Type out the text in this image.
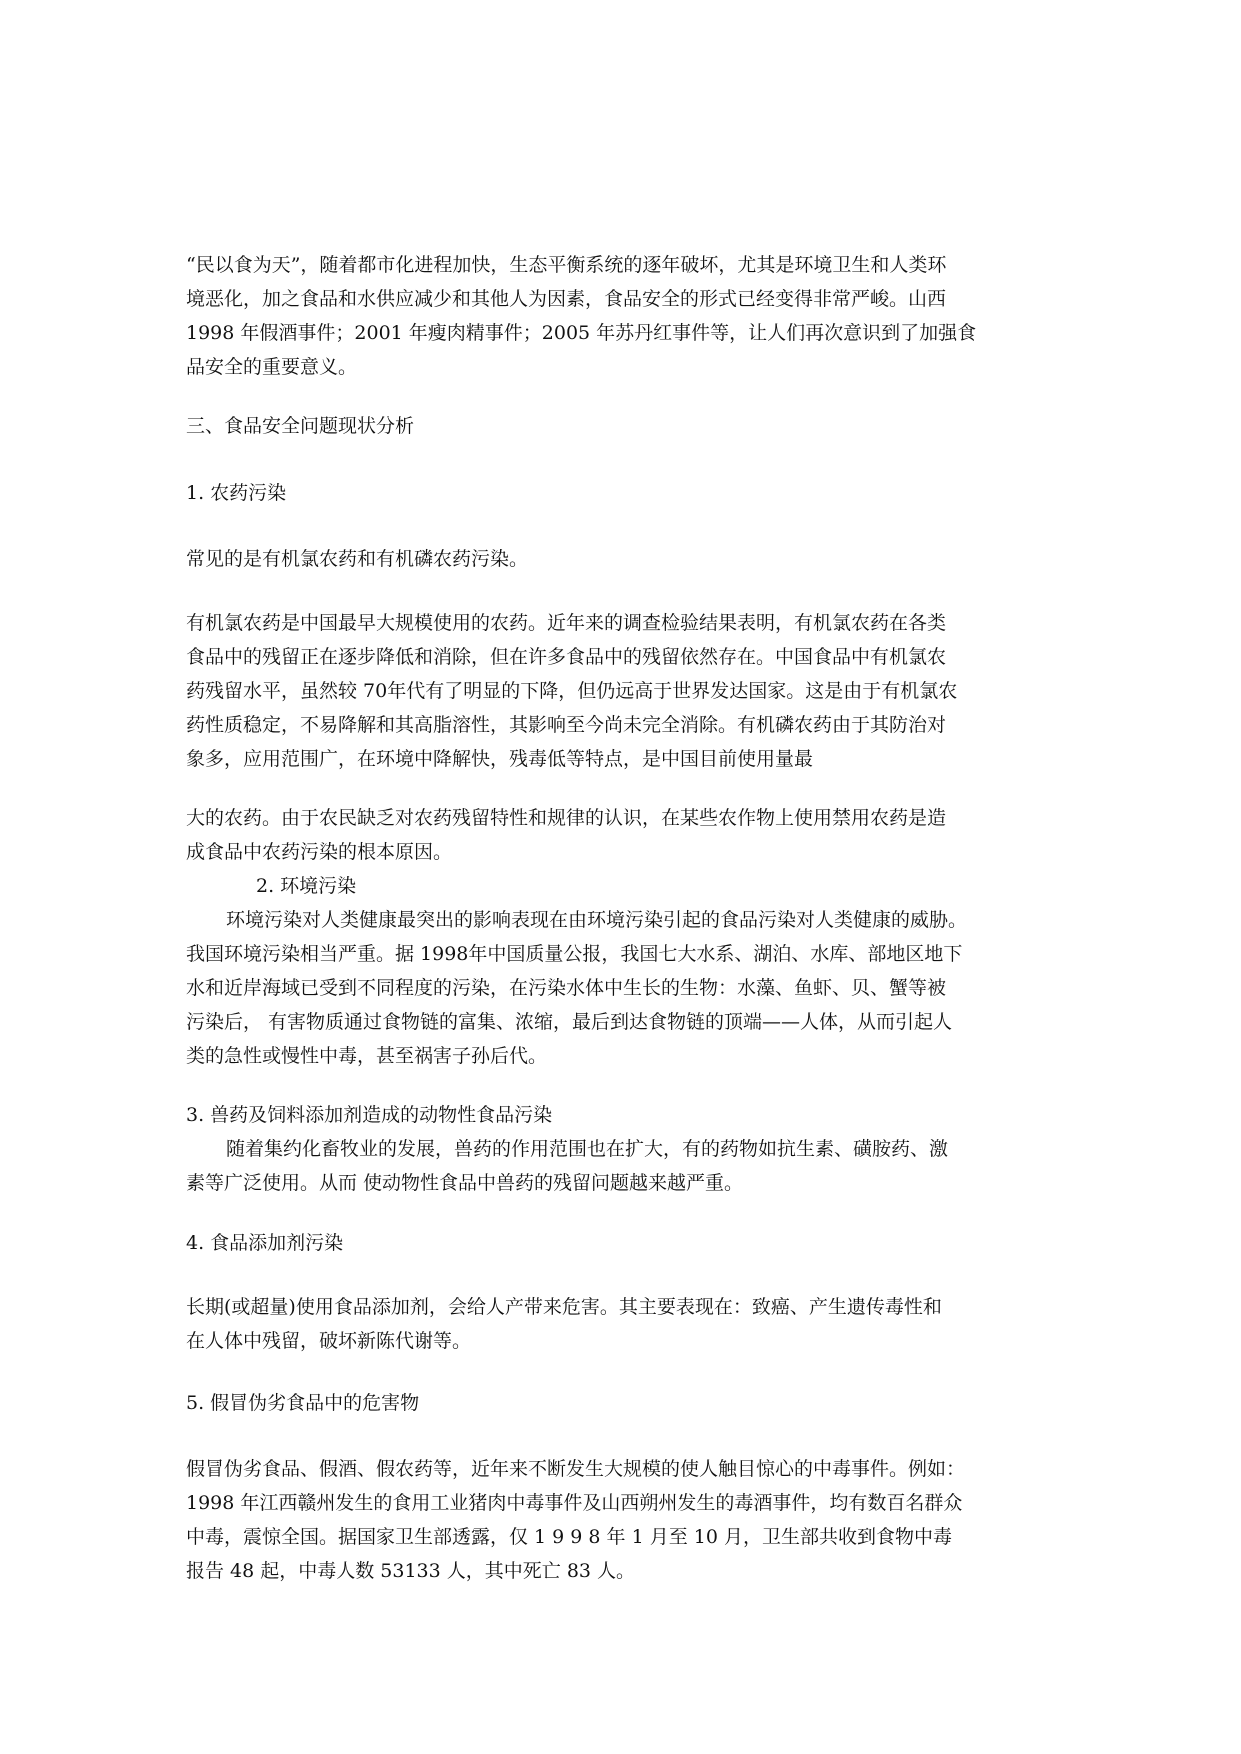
“民以食为天”，随着都市化进程加快，生态平衡系统的逐年破坏，尤其是环境卫生和人类环
境恶化，加之食品和水供应减少和其他人为因素，食品安全的形式已经变得非常严峻。山西
1998 年假酒事件；2001 年瘦肉精事件；2005 年苏丹红事件等，让人们再次意识到了加强食
品安全的重要意义。
三、食品安全问题现状分析
1. 农药污染
常见的是有机氯农药和有机磷农药污染。
有机氯农药是中国最早大规模使用的农药。近年来的调查检验结果表明，有机氯农药在各类
食品中的残留正在逐步降低和消除，但在许多食品中的残留依然存在。中国食品中有机氯农
药残留水平，虽然较 70年代有了明显的下降，但仍远高于世界发达国家。这是由于有机氯农
药性质稳定，不易降解和其高脂溶性，其影响至今尚未完全消除。有机磷农药由于其防治对
象多，应用范围广，在环境中降解快，残毒低等特点，是中国目前使用量最
大的农药。由于农民缺乏对农药残留特性和规律的认识，在某些农作物上使用禁用农药是造
成食品中农药污染的根本原因。
2. 环境污染
环境污染对人类健康最突出的影响表现在由环境污染引起的食品污染对人类健康的威胁。
我国环境污染相当严重。据 1998年中国质量公报，我国七大水系、湖泊、水库、部地区地下
水和近岸海域已受到不同程度的污染，在污染水体中生长的生物：水藻、鱼虾、贝、蟹等被
污染后， 有害物质通过食物链的富集、浓缩，最后到达食物链的顶端——人体，从而引起人
类的急性或慢性中毒，甚至祸害子孙后代。
3. 兽药及饲料添加剂造成的动物性食品污染
随着集约化畜牧业的发展，兽药的作用范围也在扩大，有的药物如抗生素、磺胺药、激
素等广泛使用。从而 使动物性食品中兽药的残留问题越来越严重。
4. 食品添加剂污染
长期(或超量)使用食品添加剂，会给人产带来危害。其主要表现在：致癌、产生遗传毒性和
在人体中残留，破坏新陈代谢等。
5. 假冒伪劣食品中的危害物
假冒伪劣食品、假酒、假农药等，近年来不断发生大规模的使人触目惊心的中毒事件。例如：
1998 年江西赣州发生的食用工业猪肉中毒事件及山西朔州发生的毒酒事件，均有数百名群众
中毒，震惊全国。据国家卫生部透露，仅 1 9 9 8 年 1 月至 10 月，卫生部共收到食物中毒
报告 48 起，中毒人数 53133 人，其中死亡 83 人。
